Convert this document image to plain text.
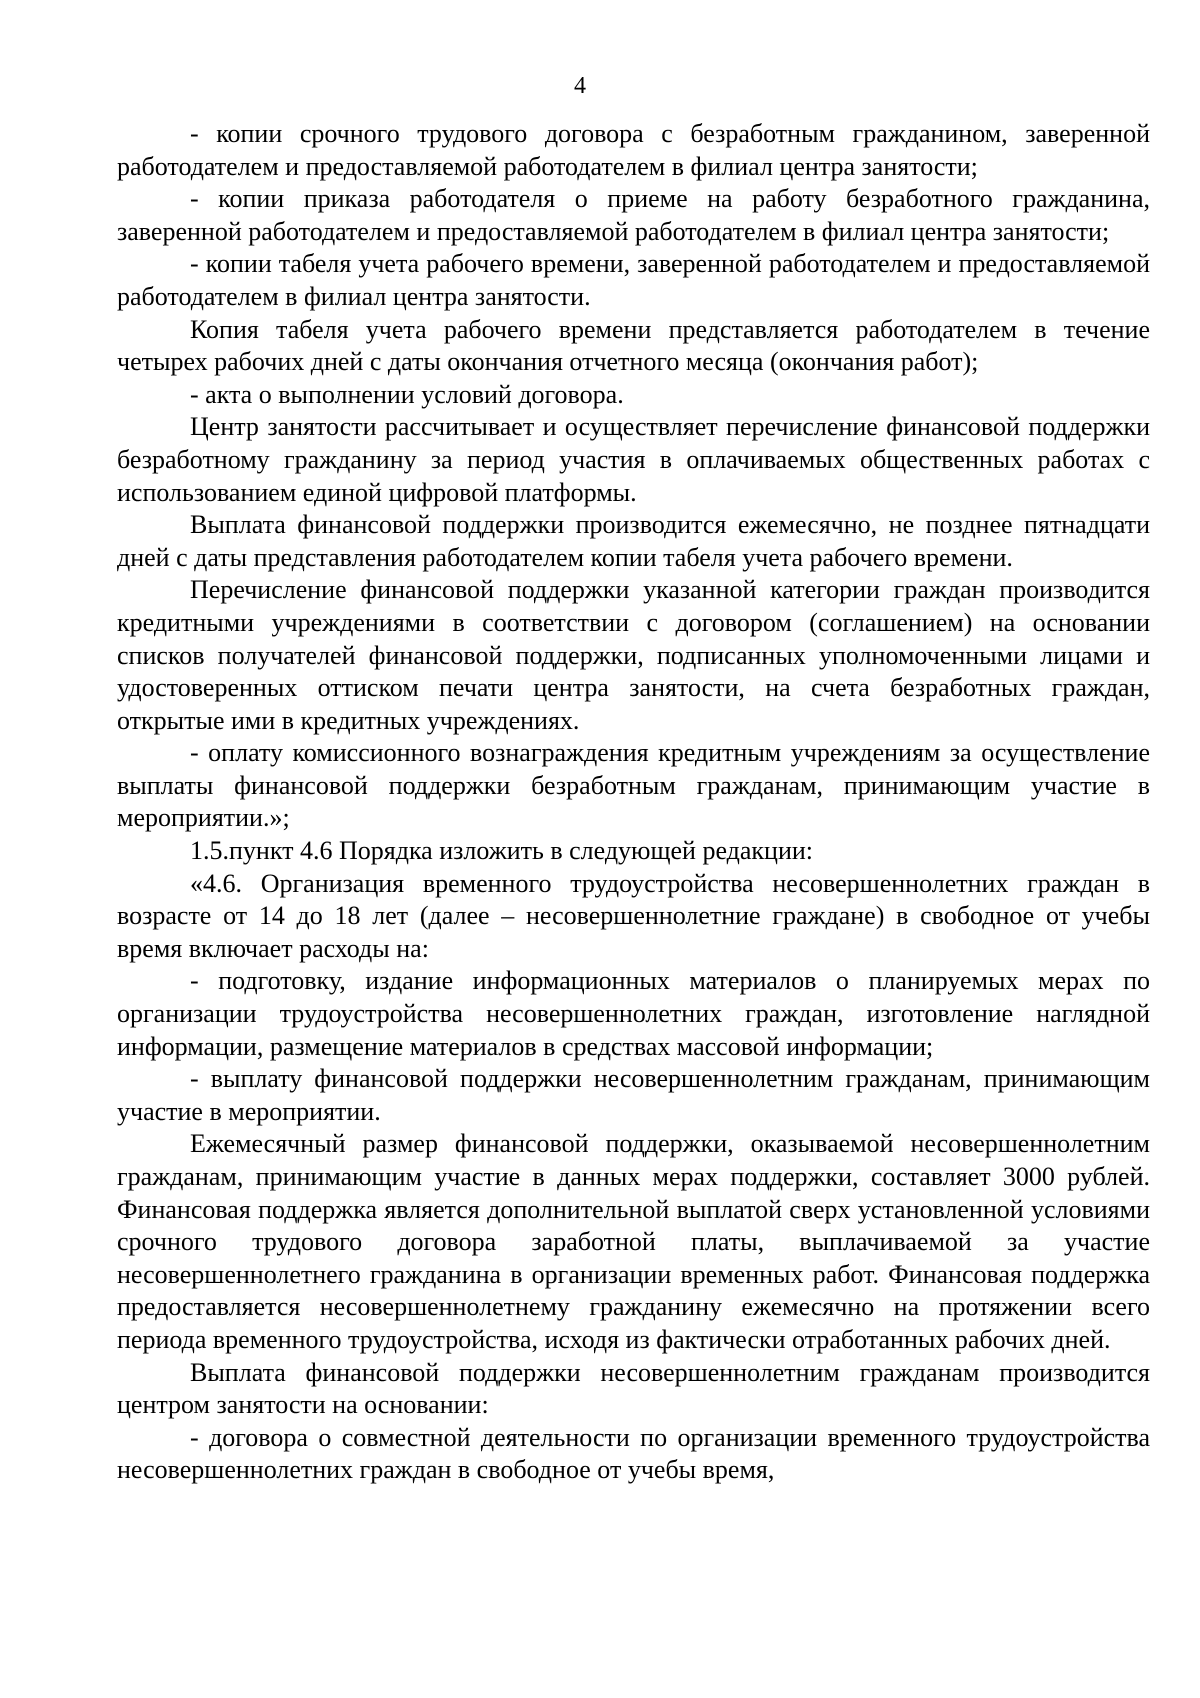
4

- копии срочного трудового договора с безработным гражданином, заверенной работодателем и предоставляемой работодателем в филиал центра занятости;

- копии приказа работодателя о приеме на работу безработного гражданина, заверенной работодателем и предоставляемой работодателем в филиал центра занятости;

- копии табеля учета рабочего времени, заверенной работодателем и предоставляемой работодателем в филиал центра занятости.

Копия табеля учета рабочего времени представляется работодателем в течение четырех рабочих дней с даты окончания отчетного месяца (окончания работ);

- акта о выполнении условий договора.

Центр занятости рассчитывает и осуществляет перечисление финансовой поддержки безработному гражданину за период участия в оплачиваемых общественных работах с использованием единой цифровой платформы.

Выплата финансовой поддержки производится ежемесячно, не позднее пятнадцати дней с даты представления работодателем копии табеля учета рабочего времени.

Перечисление финансовой поддержки указанной категории граждан производится кредитными учреждениями в соответствии с договором (соглашением) на основании списков получателей финансовой поддержки, подписанных уполномоченными лицами и удостоверенных оттиском печати центра занятости, на счета безработных граждан, открытые ими в кредитных учреждениях.

- оплату комиссионного вознаграждения кредитным учреждениям за осуществление выплаты финансовой поддержки безработным гражданам, принимающим участие в мероприятии.»;

1.5.пункт 4.6 Порядка изложить в следующей редакции:

«4.6. Организация временного трудоустройства несовершеннолетних граждан в возрасте от 14 до 18 лет (далее – несовершеннолетние граждане) в свободное от учебы время включает расходы на:

- подготовку, издание информационных материалов о планируемых мерах по организации трудоустройства несовершеннолетних граждан, изготовление наглядной информации, размещение материалов в средствах массовой информации;

- выплату финансовой поддержки несовершеннолетним гражданам, принимающим участие в мероприятии.

Ежемесячный размер финансовой поддержки, оказываемой несовершеннолетним гражданам, принимающим участие в данных мерах поддержки, составляет 3000 рублей. Финансовая поддержка является дополнительной выплатой сверх установленной условиями срочного трудового договора заработной платы, выплачиваемой за участие несовершеннолетнего гражданина в организации временных работ. Финансовая поддержка предоставляется несовершеннолетнему гражданину ежемесячно на протяжении всего периода временного трудоустройства, исходя из фактически отработанных рабочих дней.

Выплата финансовой поддержки несовершеннолетним гражданам производится центром занятости на основании:

- договора о совместной деятельности по организации временного трудоустройства несовершеннолетних граждан в свободное от учебы время,
